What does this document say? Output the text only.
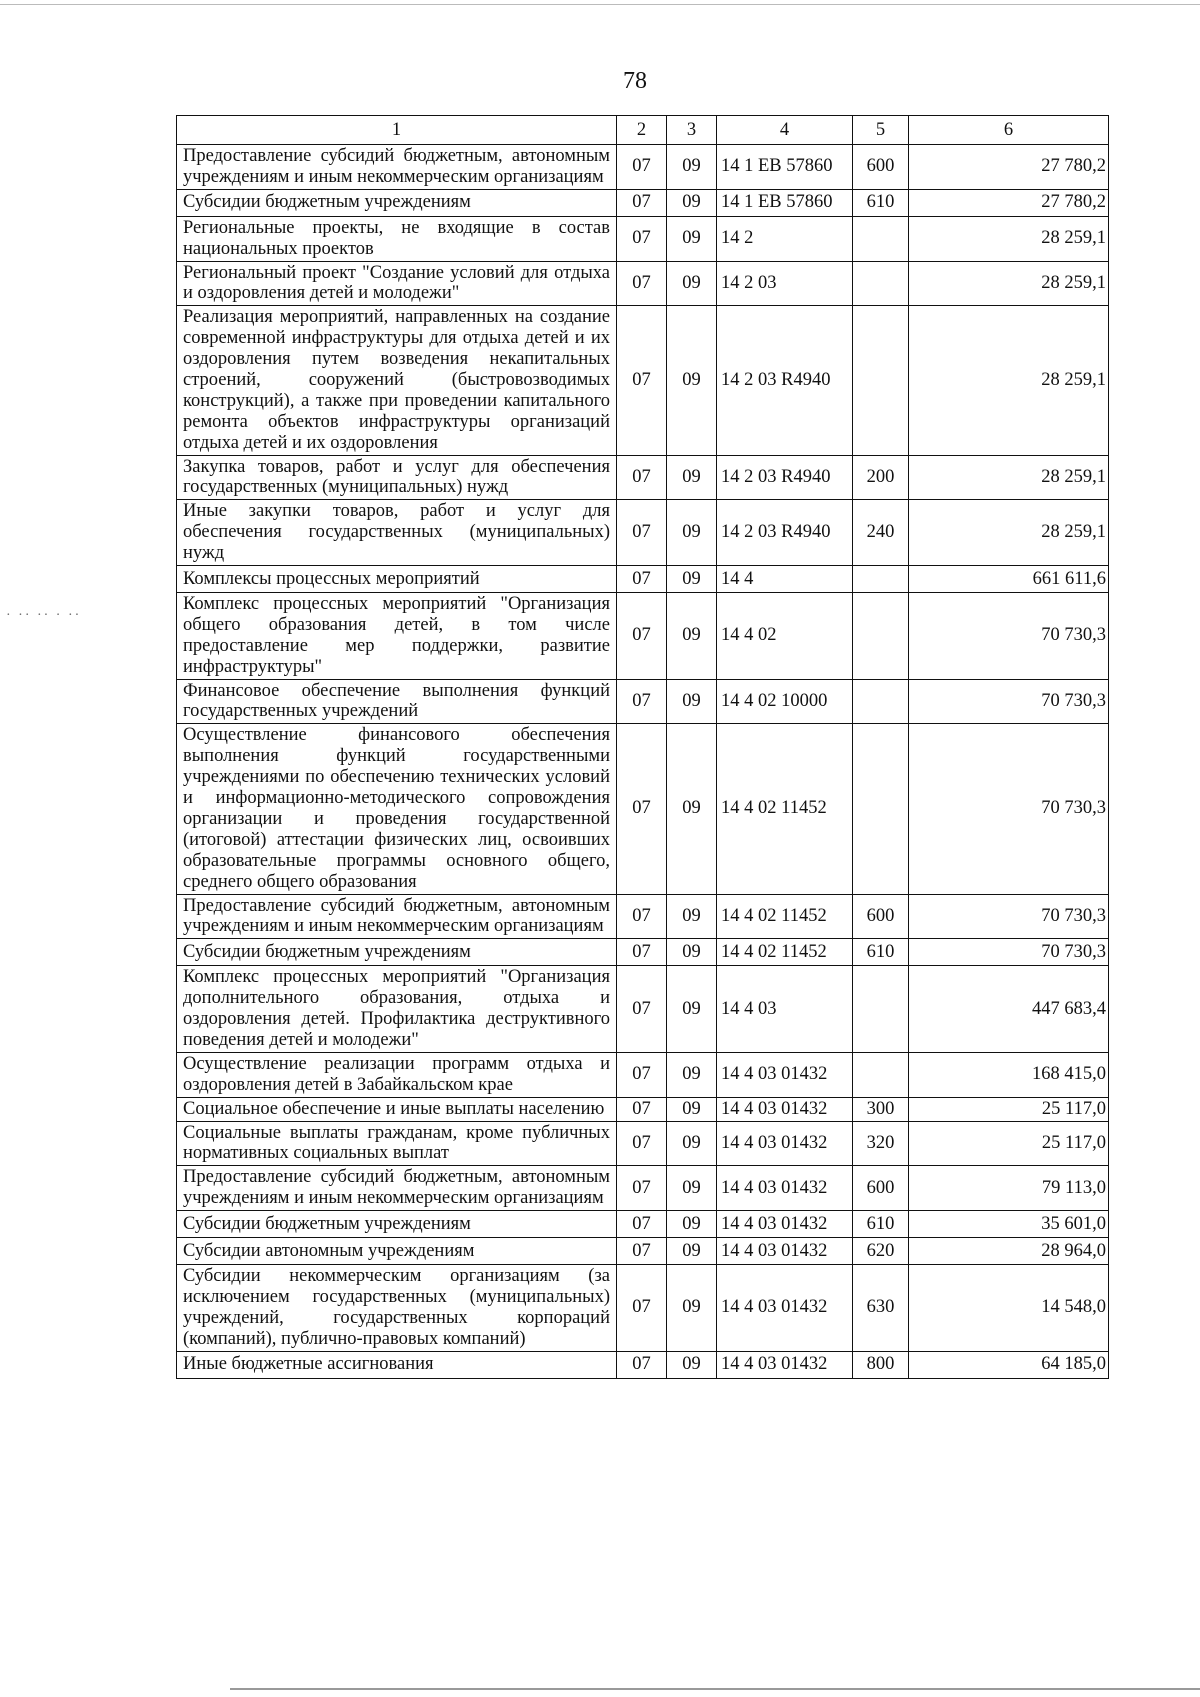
78
1	2	3	4	5	6
Предоставление субсидий бюджетным, автономным учреждениям и иным некоммерческим организациям	07	09	14 1 ЕВ 57860	600	27 780,2
Субсидии бюджетным учреждениям	07	09	14 1 ЕВ 57860	610	27 780,2
Региональные проекты, не входящие в состав национальных проектов	07	09	14 2		28 259,1
Региональный проект "Создание условий для отдыха и оздоровления детей и молодежи"	07	09	14 2 03		28 259,1
Реализация мероприятий, направленных на создание современной инфраструктуры для отдыха детей и их оздоровления путем возведения некапитальных строений, сооружений (быстровозводимых конструкций), а также при проведении капитального ремонта объектов инфраструктуры организаций отдыха детей и их оздоровления	07	09	14 2 03 R4940		28 259,1
Закупка товаров, работ и услуг для обеспечения государственных (муниципальных) нужд	07	09	14 2 03 R4940	200	28 259,1
Иные закупки товаров, работ и услуг для обеспечения государственных (муниципальных) нужд	07	09	14 2 03 R4940	240	28 259,1
Комплексы процессных мероприятий	07	09	14 4		661 611,6
Комплекс процессных мероприятий "Организация общего образования детей, в том числе предоставление мер поддержки, развитие инфраструктуры"	07	09	14 4 02		70 730,3
Финансовое обеспечение выполнения функций государственных учреждений	07	09	14 4 02 10000		70 730,3
Осуществление финансового обеспечения выполнения функций государственными учреждениями по обеспечению технических условий и информационно-методического сопровождения организации и проведения государственной (итоговой) аттестации физических лиц, освоивших образовательные программы основного общего, среднего общего образования	07	09	14 4 02 11452		70 730,3
Предоставление субсидий бюджетным, автономным учреждениям и иным некоммерческим организациям	07	09	14 4 02 11452	600	70 730,3
Субсидии бюджетным учреждениям	07	09	14 4 02 11452	610	70 730,3
Комплекс процессных мероприятий "Организация дополнительного образования, отдыха и оздоровления детей. Профилактика деструктивного поведения детей и молодежи"	07	09	14 4 03		447 683,4
Осуществление реализации программ отдыха и оздоровления детей в Забайкальском крае	07	09	14 4 03 01432		168 415,0
Социальное обеспечение и иные выплаты населению	07	09	14 4 03 01432	300	25 117,0
Социальные выплаты гражданам, кроме публичных нормативных социальных выплат	07	09	14 4 03 01432	320	25 117,0
Предоставление субсидий бюджетным, автономным учреждениям и иным некоммерческим организациям	07	09	14 4 03 01432	600	79 113,0
Субсидии бюджетным учреждениям	07	09	14 4 03 01432	610	35 601,0
Субсидии автономным учреждениям	07	09	14 4 03 01432	620	28 964,0
Субсидии некоммерческим организациям (за исключением государственных (муниципальных) учреждений, государственных корпораций (компаний), публично-правовых компаний)	07	09	14 4 03 01432	630	14 548,0
Иные бюджетные ассигнования	07	09	14 4 03 01432	800	64 185,0
· ·· ·· · ··
